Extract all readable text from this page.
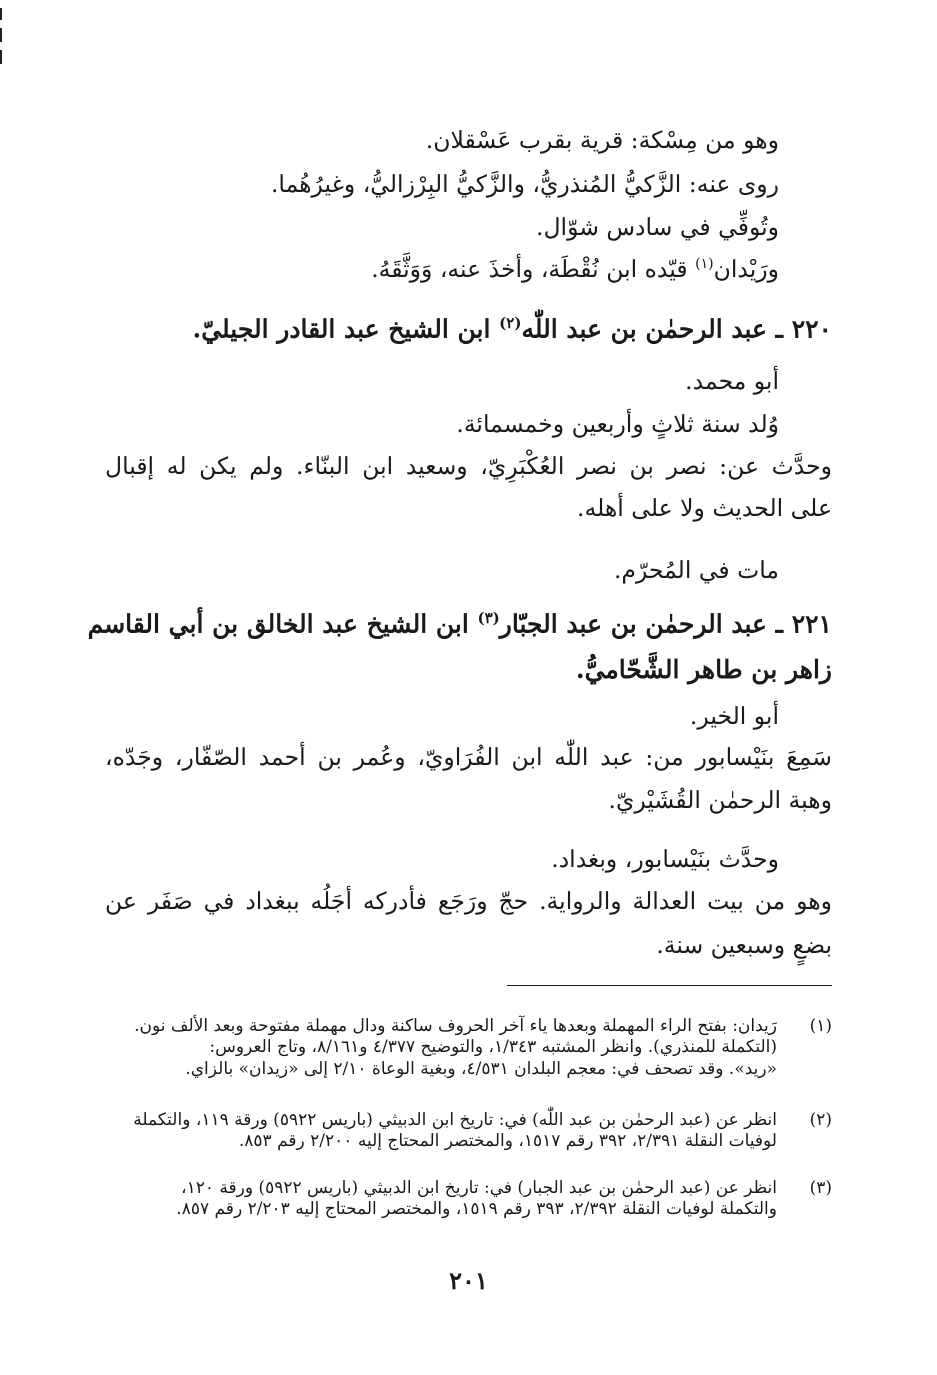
وهو من مِسْكة: قرية بقرب عَسْقلان.
روى عنه: الزَّكيُّ المُنذريُّ، والزَّكيُّ البِرْزاليُّ، وغيرُهُما.
وتُوفِّي في سادس شوّال.
ورَيْدان$^{(١)}$ قيّده ابن نُقْطَة، وأخذَ عنه، وَوَثَّقَهُ.
٢٢٠ ـ عبد الرحمٰن بن عبد اللّٰه$^{(٢)}$ ابن الشيخ عبد القادر الجيليّ.
أبو محمد.
وُلد سنة ثلاثٍ وأربعين وخمسمائة.
وحدَّث عن: نصر بن نصر العُكْبَرِيّ، وسعيد ابن البنّاء. ولم يكن له إقبال
على الحديث ولا على أهله.
مات في المُحرّم.
٢٢١ ـ عبد الرحمٰن بن عبد الجبّار$^{(٣)}$ ابن الشيخ عبد الخالق بن أبي القاسم
زاهر بن طاهر الشَّحّاميُّ.
أبو الخير.
سَمِعَ بنَيْسابور من: عبد اللّٰه ابن الفُرَاويّ، وعُمر بن أحمد الصّفّار، وجَدّه،
وهبة الرحمٰن القُشَيْريّ.
وحدَّث بنَيْسابور، وبغداد.
وهو من بيت العدالة والرواية. حجّ ورَجَع فأدركه أجَلُه ببغداد في صَفَر عن
بضعٍ وسبعين سنة.
(١)
رَيدان: بفتح الراء المهملة وبعدها ياء آخر الحروف ساكنة ودال مهملة مفتوحة وبعد الألف نون.
(التكملة للمنذري). وانظر المشتبه ١/٣٤٣، والتوضيح ٤/٣٧٧ و٨/١٦١، وتاج العروس:
«ريد». وقد تصحف في: معجم البلدان ٤/٥٣١، وبغية الوعاة ٢/١٠ إلى «زيدان» بالزاي.
(٢)
انظر عن (عبد الرحمٰن بن عبد اللّٰه) في: تاريخ ابن الدبيثي (باريس ٥٩٢٢) ورقة ١١٩، والتكملة
لوفيات النقلة ٢/٣٩١، ٣٩٢ رقم ١٥١٧، والمختصر المحتاج إليه ٢/٢٠٠ رقم ٨٥٣.
(٣)
انظر عن (عبد الرحمٰن بن عبد الجبار) في: تاريخ ابن الدبيثي (باريس ٥٩٢٢) ورقة ١٢٠،
والتكملة لوفيات النقلة ٢/٣٩٢، ٣٩٣ رقم ١٥١٩، والمختصر المحتاج إليه ٢/٢٠٣ رقم ٨٥٧.
٢٠١
